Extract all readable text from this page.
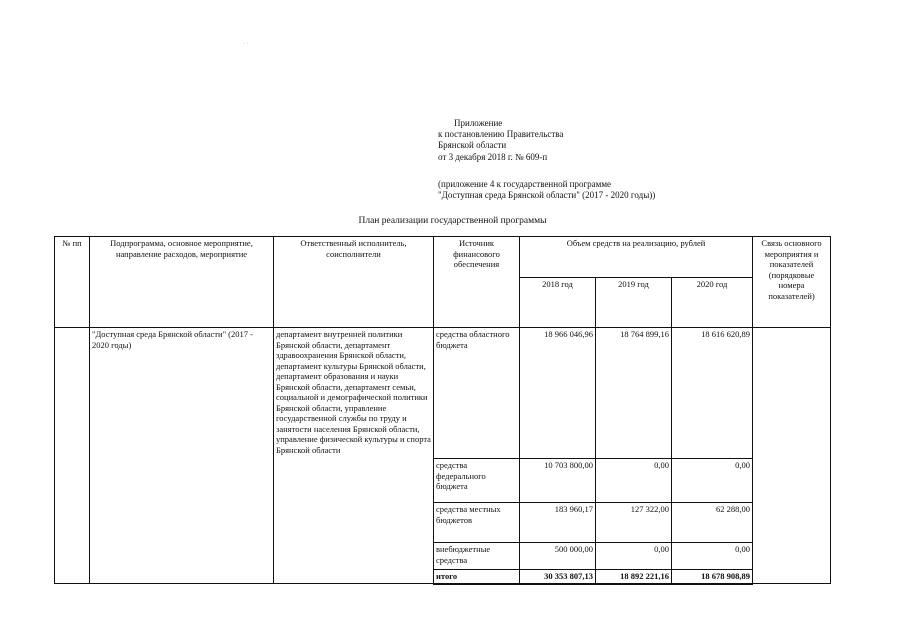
· ·
Приложение
к постановлению Правительства
Брянской области
от 3 декабря 2018 г. № 609-п
(приложение 4 к государственной программе
"Доступная среда Брянской области" (2017 - 2020 годы))
План реализации государственной программы
№ пп	Подпрограмма, основное мероприятие, направление расходов, мероприятие	Ответственный исполнитель, соисполнители	Источник финансового обеспечения	Объем средств на реализацию, рублей			Связь основного мероприятия и показателей (порядковые номера показателей)
				2018 год	2019 год	2020 год	
	"Доступная среда Брянской области" (2017 - 2020 годы)	департамент внутренней политики Брянской области, департамент здравоохранения Брянской области, департамент культуры Брянской области, департамент образования и науки Брянской области, департамент семьи, социальной и демографической политики Брянской области, управление государственной службы по труду и занятости населения Брянской области, управление физической культуры и спорта Брянской области	средства областного бюджета	18 966 046,96	18 764 899,16	18 616 620,89	
			средства федерального бюджета	10 703 800,00	0,00	0,00	
			средства местных бюджетов	183 960,17	127 322,00	62 288,00	
			внебюджетные средства	500 000,00	0,00	0,00	
			итого	30 353 807,13	18 892 221,16	18 678 908,89	
